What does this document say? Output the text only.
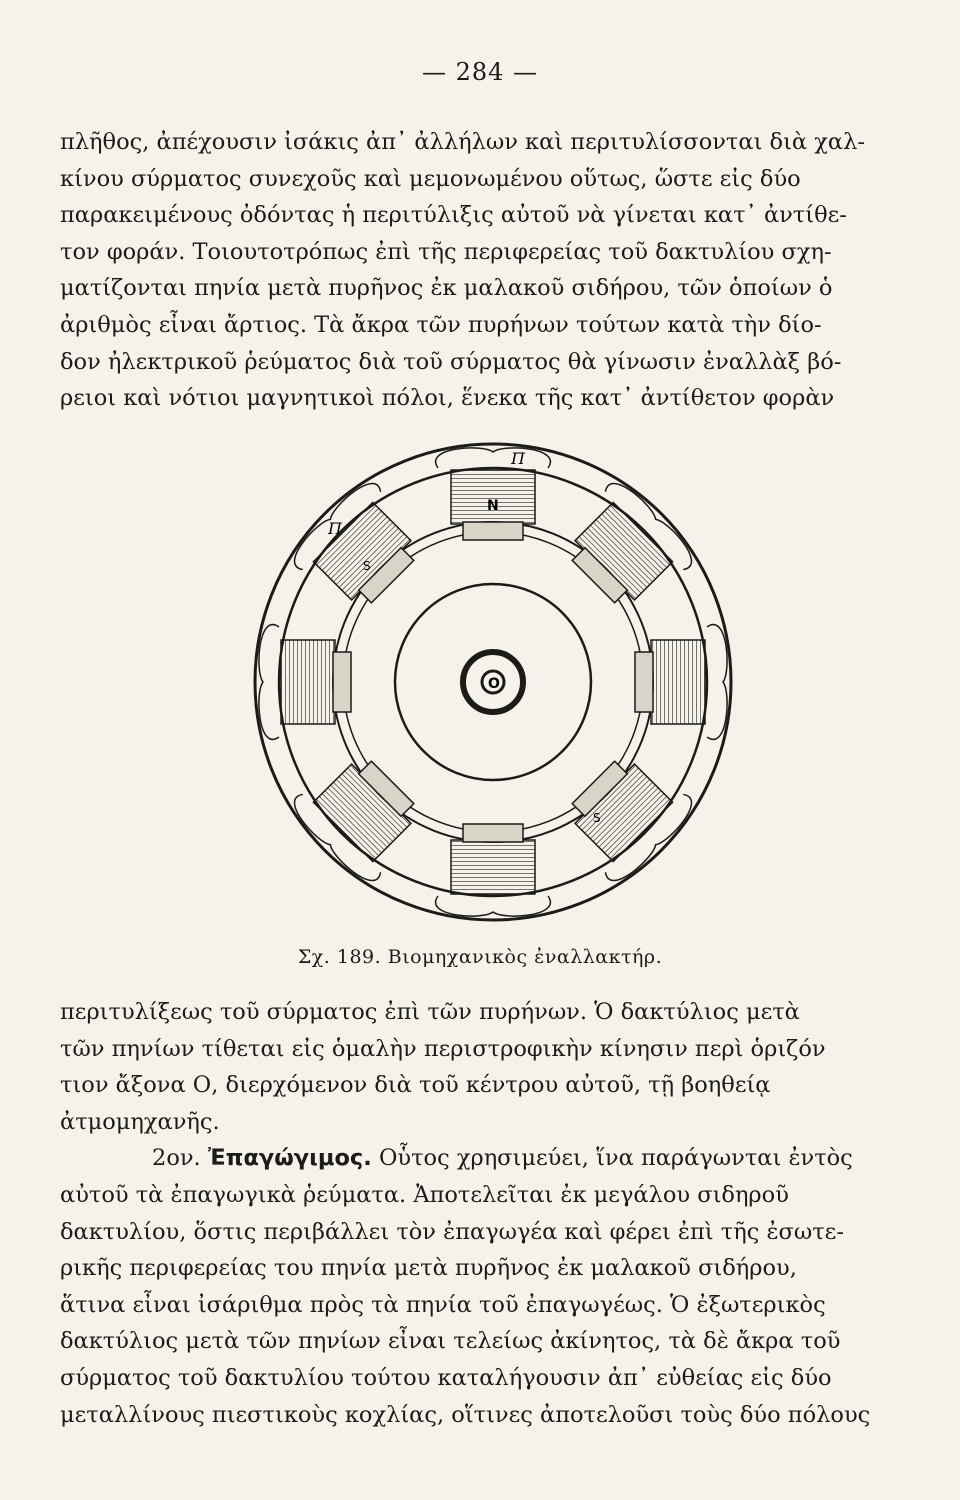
— 284 —
πλῆθος, ἀπέχουσιν ἰσάκις ἀπ᾽ ἀλλήλων καὶ περιτυλίσσονται διὰ χαλ-
κίνου σύρματος συνεχοῦς καὶ μεμονωμένου οὕτως, ὥστε εἰς δύο
παρακειμένους ὀδόντας ἡ περιτύλιξις αὐτοῦ νὰ γίνεται κατ᾽ ἀντίθε-
τον φοράν. Τοιουτοτρόπως ἐπὶ τῆς περιφερείας τοῦ δακτυλίου σχη-
ματίζονται πηνία μετὰ πυρῆνος ἐκ μαλακοῦ σιδήρου, τῶν ὁποίων ὁ
ἀριθμὸς εἶναι ἄρτιος. Τὰ ἄκρα τῶν πυρήνων τούτων κατὰ τὴν δίο-
δον ἠλεκτρικοῦ ῥεύματος διὰ τοῦ σύρματος θὰ γίνωσιν ἐναλλὰξ βό-
ρειοι καὶ νότιοι μαγνητικοὶ πόλοι, ἕνεκα τῆς κατ᾽ ἀντίθετον φορὰν
Π
Π
N
S
S
O
Σχ. 189. Βιομηχανικὸς ἐναλλακτήρ.
περιτυλίξεως τοῦ σύρματος ἐπὶ τῶν πυρήνων. Ὁ δακτύλιος μετὰ
τῶν πηνίων τίθεται εἰς ὁμαλὴν περιστροφικὴν κίνησιν περὶ ὁριζόν
τιον ἄξονα Ο, διερχόμενον διὰ τοῦ κέντρου αὐτοῦ, τῇ βοηθείᾳ
ἀτμομηχανῆς.
2ον. Ἐπαγώγιμος. Οὗτος χρησιμεύει, ἵνα παράγωνται ἐντὸς
αὐτοῦ τὰ ἐπαγωγικὰ ῥεύματα. Ἀποτελεῖται ἐκ μεγάλου σιδηροῦ
δακτυλίου, ὅστις περιβάλλει τὸν ἐπαγωγέα καὶ φέρει ἐπὶ τῆς ἐσωτε-
ρικῆς περιφερείας του πηνία μετὰ πυρῆνος ἐκ μαλακοῦ σιδήρου,
ἅτινα εἶναι ἰσάριθμα πρὸς τὰ πηνία τοῦ ἐπαγωγέως. Ὁ ἐξωτερικὸς
δακτύλιος μετὰ τῶν πηνίων εἶναι τελείως ἀκίνητος, τὰ δὲ ἄκρα τοῦ
σύρματος τοῦ δακτυλίου τούτου καταλήγουσιν ἀπ᾽ εὐθείας εἰς δύο
μεταλλίνους πιεστικοὺς κοχλίας, οἵτινες ἀποτελοῦσι τοὺς δύο πόλους
